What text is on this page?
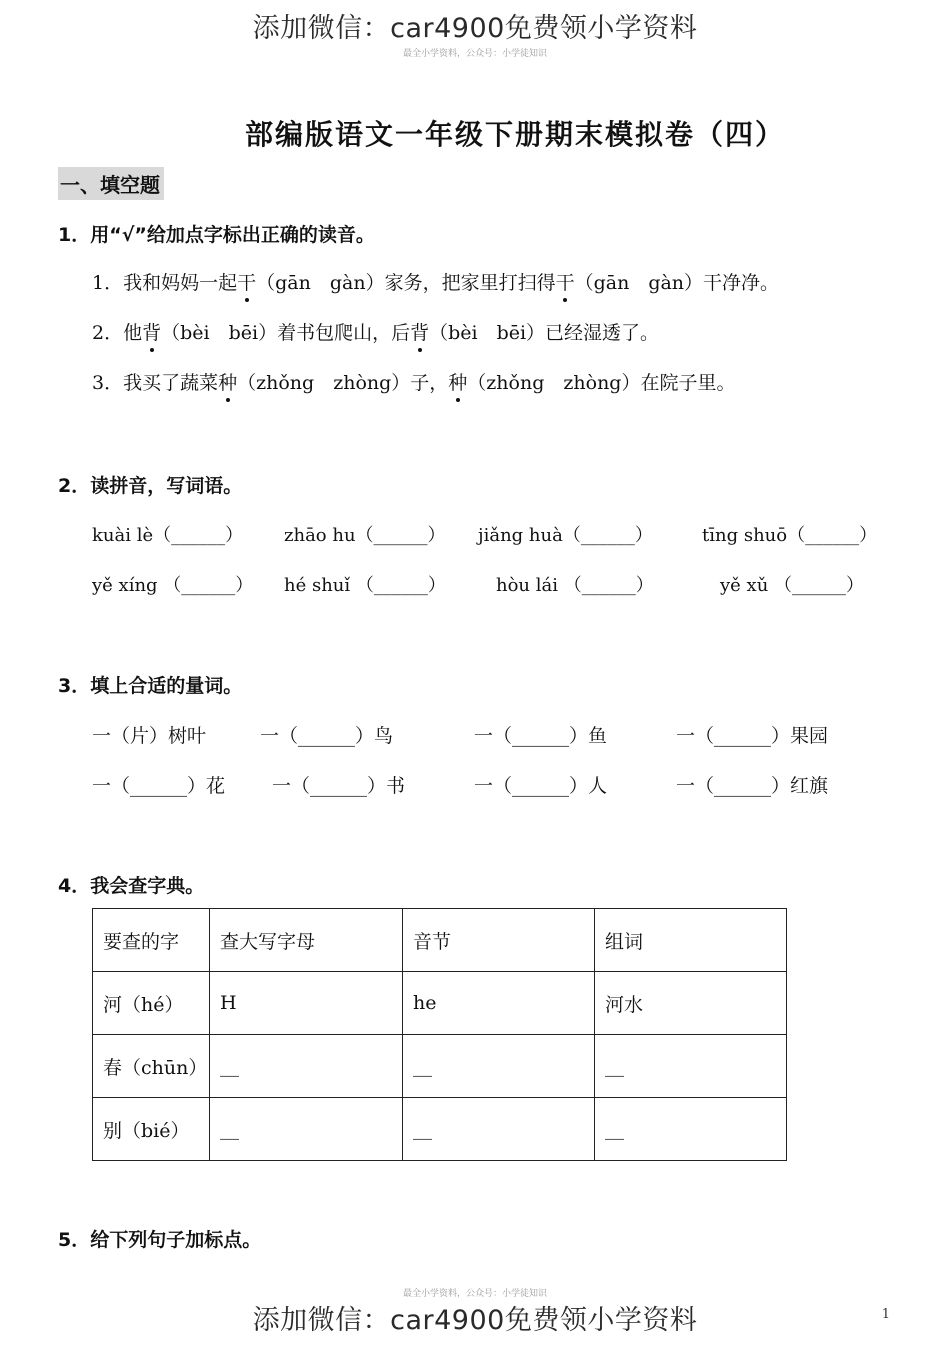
添加微信：car4900免费领小学资料
最全小学资料，公众号：小学徒知识
部编版语文一年级下册期末模拟卷（四）
一、填空题
1．用“√”给加点字标出正确的读音。
1．我和妈妈一起干（gān　gàn）家务，把家里打扫得干（gān　gàn）干净净。
2．他背（bèi　bēi）着书包爬山，后背（bèi　bēi）已经湿透了。
3．我买了蔬菜种（zhǒng　zhòng）子，种（zhǒng　zhòng）在院子里。
2．读拼音，写词语。
kuài lè（______） zhāo hu（______） jiǎng huà（______）	tīng shuō（______）
yě xíng （______） hé shuǐ （______）	hòu lái （______）	yě xǔ （______）
3．填上合适的量词。
一（片）树叶	一（______）鸟	一（______）鱼	一（______）果园
一（______）花 一（______）书	一（______）人	一（______）红旗
4．我会查字典。
要查的字	查大写字母	音节	组词
河（hé）	H	he	河水
春（chūn）	__	__	__
别（bié）	__	__	__
5．给下列句子加标点。
最全小学资料，公众号：小学徒知识
添加微信：car4900免费领小学资料	1
